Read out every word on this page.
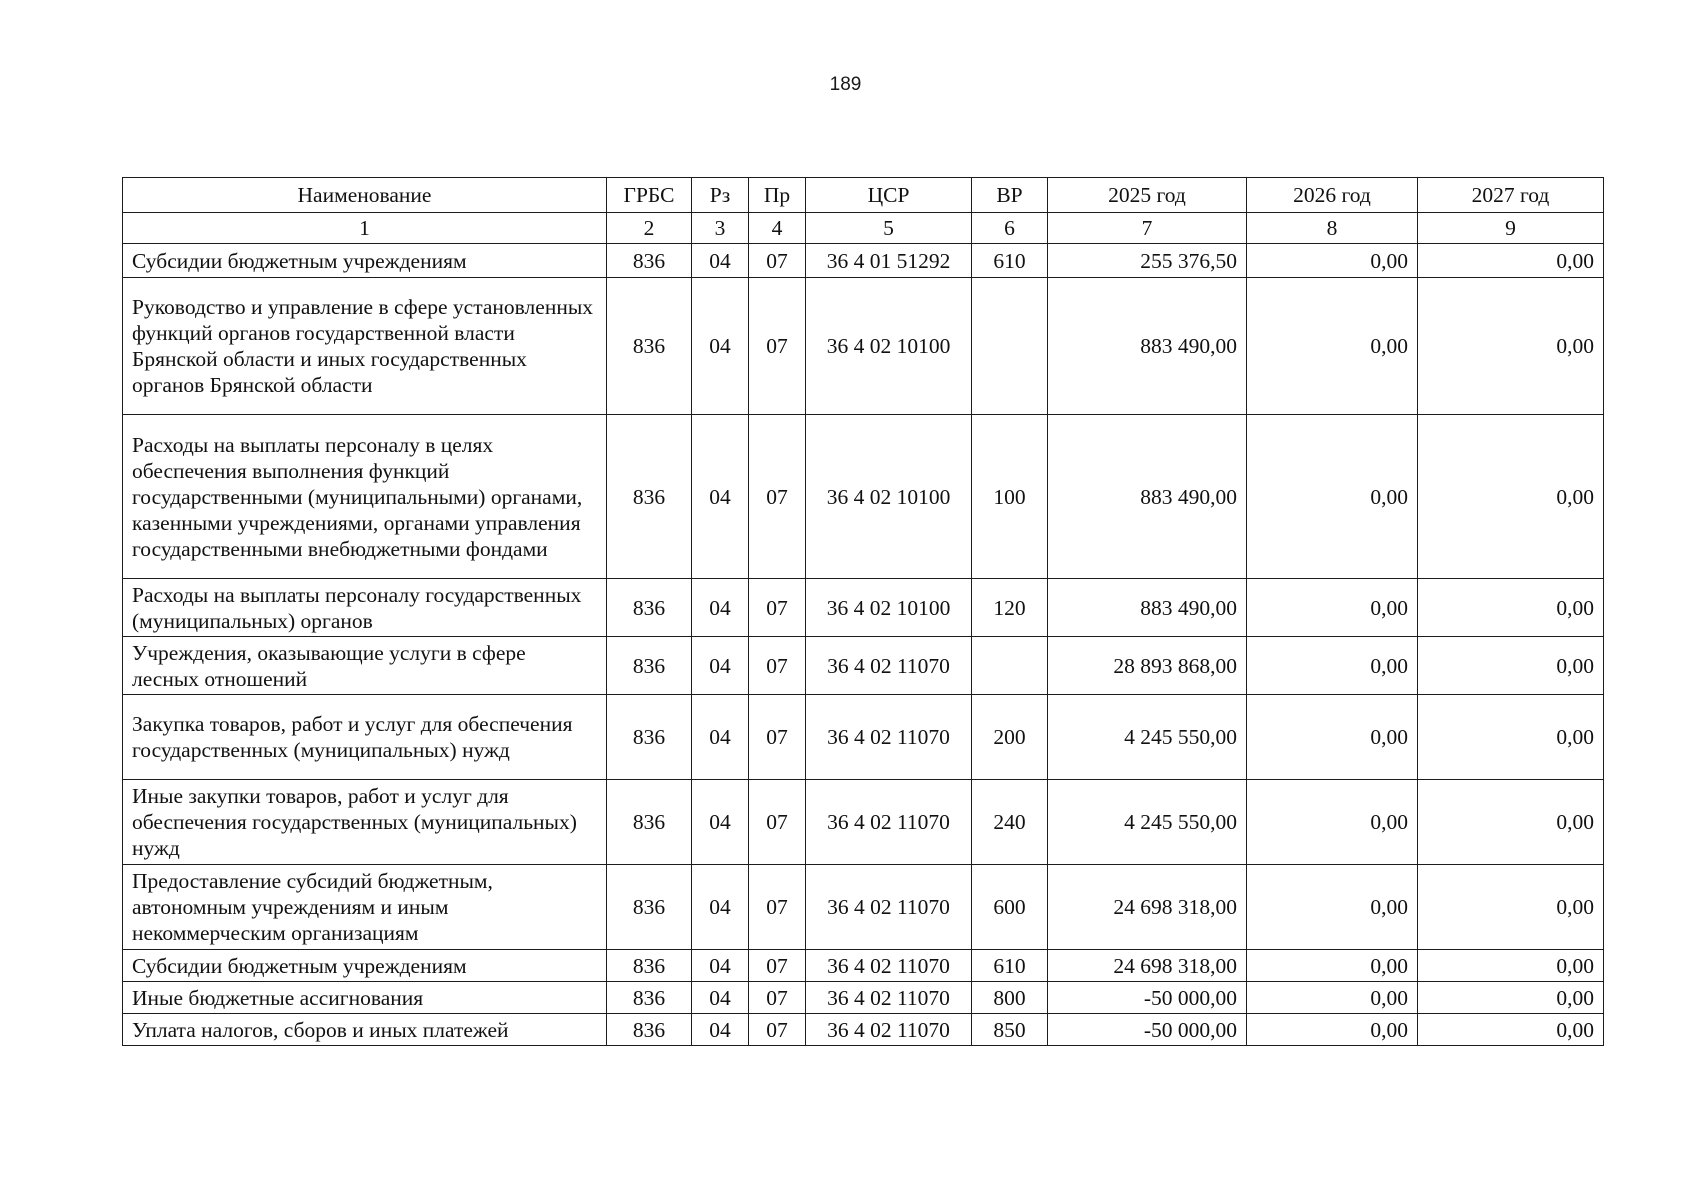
189
Наименование	ГРБС	Рз	Пр	ЦСР	ВР	2025 год	2026 год	2027 год
1	2	3	4	5	6	7	8	9
Субсидии бюджетным учреждениям	836	04	07	36 4 01 51292	610	255 376,50	0,00	0,00
Руководство и управление в сфере установленных функций органов государственной власти Брянской области и иных государственных органов Брянской области	836	04	07	36 4 02 10100		883 490,00	0,00	0,00
Расходы на выплаты персоналу в целях обеспечения выполнения функций государственными (муниципальными) органами, казенными учреждениями, органами управления государственными внебюджетными фондами	836	04	07	36 4 02 10100	100	883 490,00	0,00	0,00
Расходы на выплаты персоналу государственных (муниципальных) органов	836	04	07	36 4 02 10100	120	883 490,00	0,00	0,00
Учреждения, оказывающие услуги в сфере лесных отношений	836	04	07	36 4 02 11070		28 893 868,00	0,00	0,00
Закупка товаров, работ и услуг для обеспечения государственных (муниципальных) нужд	836	04	07	36 4 02 11070	200	4 245 550,00	0,00	0,00
Иные закупки товаров, работ и услуг для обеспечения государственных (муниципальных) нужд	836	04	07	36 4 02 11070	240	4 245 550,00	0,00	0,00
Предоставление субсидий бюджетным, автономным учреждениям и иным некоммерческим организациям	836	04	07	36 4 02 11070	600	24 698 318,00	0,00	0,00
Субсидии бюджетным учреждениям	836	04	07	36 4 02 11070	610	24 698 318,00	0,00	0,00
Иные бюджетные ассигнования	836	04	07	36 4 02 11070	800	-50 000,00	0,00	0,00
Уплата налогов, сборов и иных платежей	836	04	07	36 4 02 11070	850	-50 000,00	0,00	0,00
